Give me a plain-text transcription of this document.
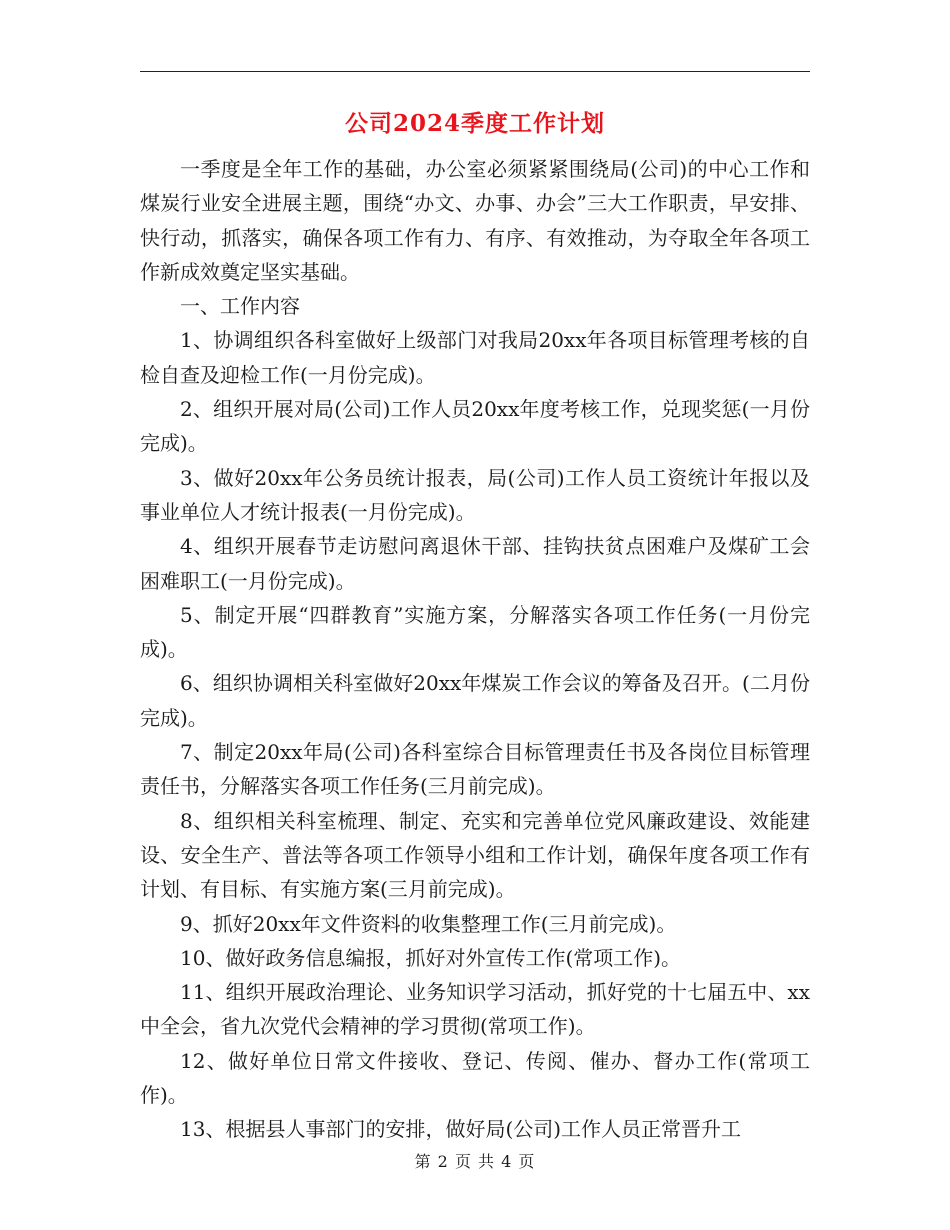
公司2024季度工作计划

一季度是全年工作的基础，办公室必须紧紧围绕局(公司)的中心工作和煤炭行业安全进展主题，围绕“办文、办事、办会”三大工作职责，早安排、快行动，抓落实，确保各项工作有力、有序、有效推动，为夺取全年各项工作新成效奠定坚实基础。

一、工作内容

1、协调组织各科室做好上级部门对我局20xx年各项目标管理考核的自检自查及迎检工作(一月份完成)。

2、组织开展对局(公司)工作人员20xx年度考核工作，兑现奖惩(一月份完成)。

3、做好20xx年公务员统计报表，局(公司)工作人员工资统计年报以及事业单位人才统计报表(一月份完成)。

4、组织开展春节走访慰问离退休干部、挂钩扶贫点困难户及煤矿工会困难职工(一月份完成)。

5、制定开展“四群教育”实施方案，分解落实各项工作任务(一月份完成)。

6、组织协调相关科室做好20xx年煤炭工作会议的筹备及召开。(二月份完成)。

7、制定20xx年局(公司)各科室综合目标管理责任书及各岗位目标管理责任书，分解落实各项工作任务(三月前完成)。

8、组织相关科室梳理、制定、充实和完善单位党风廉政建设、效能建设、安全生产、普法等各项工作领导小组和工作计划，确保年度各项工作有计划、有目标、有实施方案(三月前完成)。

9、抓好20xx年文件资料的收集整理工作(三月前完成)。

10、做好政务信息编报，抓好对外宣传工作(常项工作)。

11、组织开展政治理论、业务知识学习活动，抓好党的十七届五中、xx中全会，省九次党代会精神的学习贯彻(常项工作)。

12、做好单位日常文件接收、登记、传阅、催办、督办工作(常项工作)。

13、根据县人事部门的安排，做好局(公司)工作人员正常晋升工

第 2 页 共 4 页
